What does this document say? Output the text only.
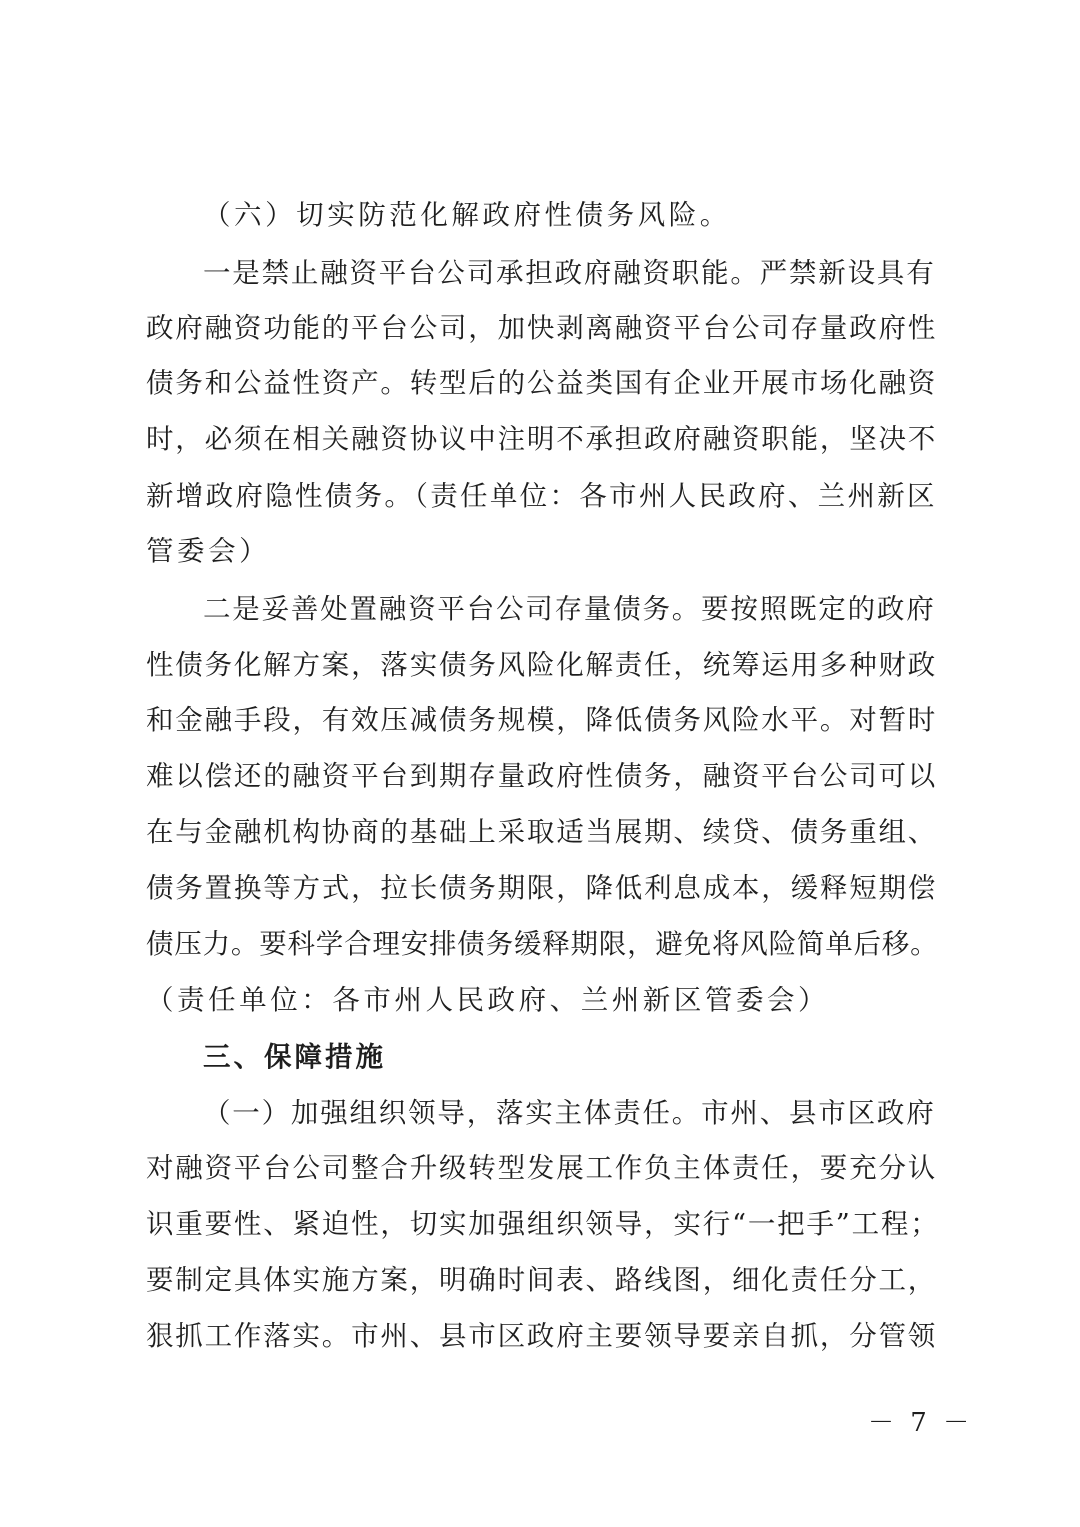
（六）切实防范化解政府性债务风险。
一是禁止融资平台公司承担政府融资职能。严禁新设具有
政府融资功能的平台公司，加快剥离融资平台公司存量政府性
债务和公益性资产。转型后的公益类国有企业开展市场化融资
时，必须在相关融资协议中注明不承担政府融资职能，坚决不
新增政府隐性债务。（责任单位：各市州人民政府、兰州新区
管委会）
二是妥善处置融资平台公司存量债务。要按照既定的政府
性债务化解方案，落实债务风险化解责任，统筹运用多种财政
和金融手段，有效压减债务规模，降低债务风险水平。对暂时
难以偿还的融资平台到期存量政府性债务，融资平台公司可以
在与金融机构协商的基础上采取适当展期、续贷、债务重组、
债务置换等方式，拉长债务期限，降低利息成本，缓释短期偿
债压力。要科学合理安排债务缓释期限，避免将风险简单后移。
（责任单位：各市州人民政府、兰州新区管委会）
三、保障措施
（一）加强组织领导，落实主体责任。市州、县市区政府
对融资平台公司整合升级转型发展工作负主体责任，要充分认
识重要性、紧迫性，切实加强组织领导，实行“一把手”工程；
要制定具体实施方案，明确时间表、路线图，细化责任分工，
狠抓工作落实。市州、县市区政府主要领导要亲自抓，分管领
－ 7 －
